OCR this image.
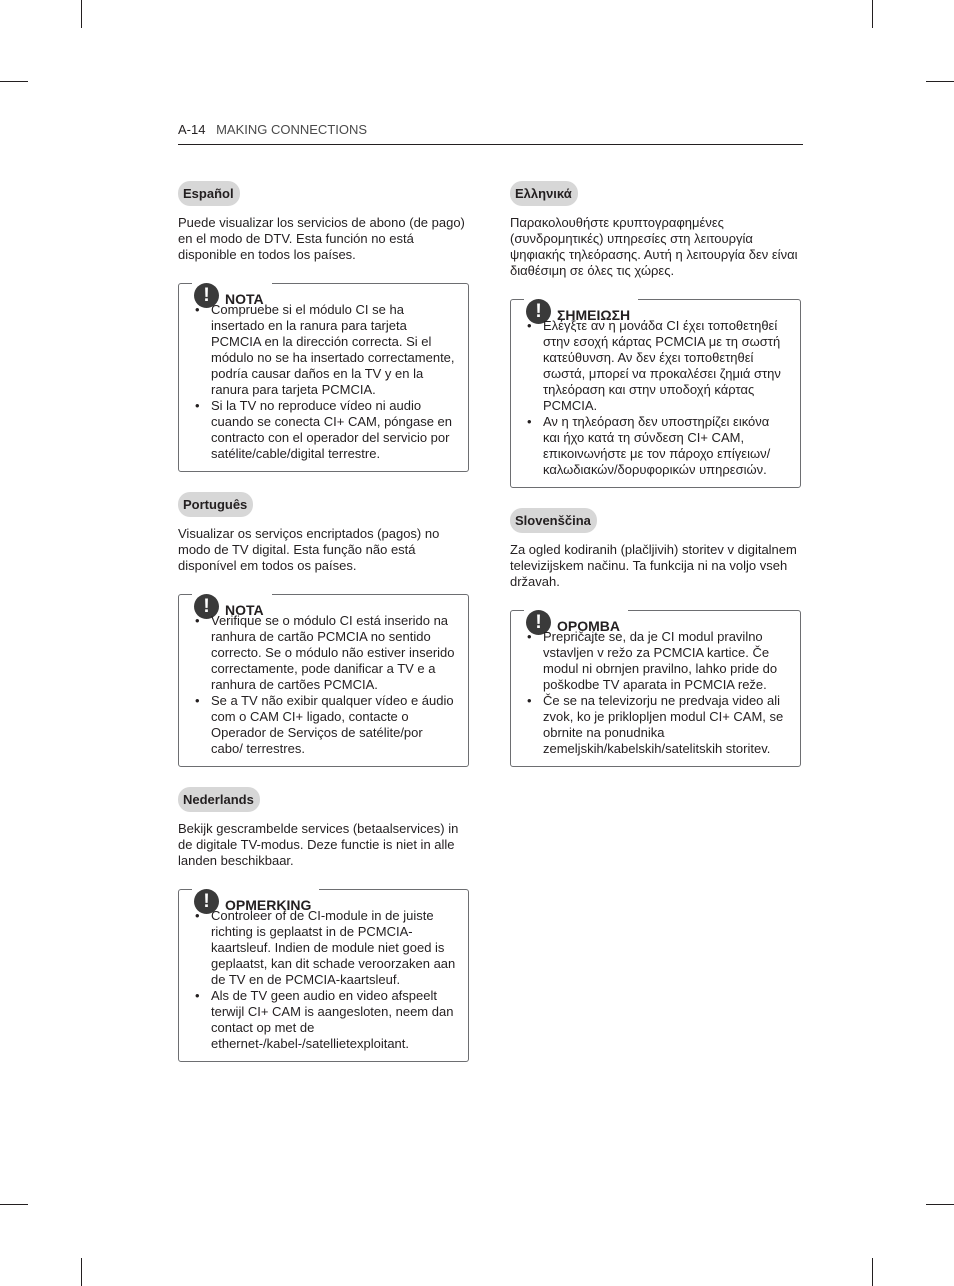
A-14 MAKING CONNECTIONS
Español

Puede visualizar los servicios de abono (de pago) en el modo de DTV. Esta función no está disponible en todos los países.

!	NOTA
• Compruebe si el módulo CI se ha insertado en la ranura para tarjeta PCMCIA en la dirección correcta. Si el módulo no se ha insertado correctamente, podría causar daños en la TV y en la ranura para tarjeta PCMCIA.
• Si la TV no reproduce vídeo ni audio cuando se conecta CI+ CAM, póngase en contracto con el operador del servicio por satélite/cable/digital terrestre.
Português

Visualizar os serviços encriptados (pagos) no modo de TV digital. Esta função não está disponível em todos os países.

!	NOTA
• Verifique se o módulo CI está inserido na ranhura de cartão PCMCIA no sentido correcto. Se o módulo não estiver inserido correctamente, pode danificar a TV e a ranhura de cartões PCMCIA.
• Se a TV não exibir qualquer vídeo e áudio com o CAM CI+ ligado, contacte o Operador de Serviços de satélite/por cabo/ terrestres.
Nederlands

Bekijk gescrambelde services (betaalservices) in de digitale TV-modus. Deze functie is niet in alle landen beschikbaar.

!	OPMERKING
• Controleer of de CI-module in de juiste richting is geplaatst in de PCMCIA-kaartsleuf. Indien de module niet goed is geplaatst, kan dit schade veroorzaken aan de TV en de PCMCIA-kaartsleuf.
• Als de TV geen audio en video afspeelt terwijl CI+ CAM is aangesloten, neem dan contact op met de ethernet-/kabel-/satellietexploitant.
Ελληνικά

Παρακολουθήστε κρυπτογραφημένες (συνδρομητικές) υπηρεσίες στη λειτουργία ψηφιακής τηλεόρασης. Αυτή η λειτουργία δεν είναι διαθέσιμη σε όλες τις χώρες.

!	ΣΗΜΕΙΩΣΗ
• Ελέγξτε αν η μονάδα CI έχει τοποθετηθεί στην εσοχή κάρτας PCMCIA με τη σωστή κατεύθυνση. Αν δεν έχει τοποθετηθεί σωστά, μπορεί να προκαλέσει ζημιά στην τηλεόραση και στην υποδοχή κάρτας PCMCIA.
• Αν η τηλεόραση δεν υποστηρίζει εικόνα και ήχο κατά τη σύνδεση CI+ CAM, επικοινωνήστε με τον πάροχο επίγειων/καλωδιακών/δορυφορικών υπηρεσιών.
Slovenščina

Za ogled kodiranih (plačljivih) storitev v digitalnem televizijskem načinu. Ta funkcija ni na voljo vseh državah.

!	OPOMBA
• Prepričajte se, da je CI modul pravilno vstavljen v režo za PCMCIA kartice. Če modul ni obrnjen pravilno, lahko pride do poškodbe TV aparata in PCMCIA reže.
• Če se na televizorju ne predvaja video ali zvok, ko je priklopljen modul CI+ CAM, se obrnite na ponudnika zemeljskih/kabelskih/satelitskih storitev.
